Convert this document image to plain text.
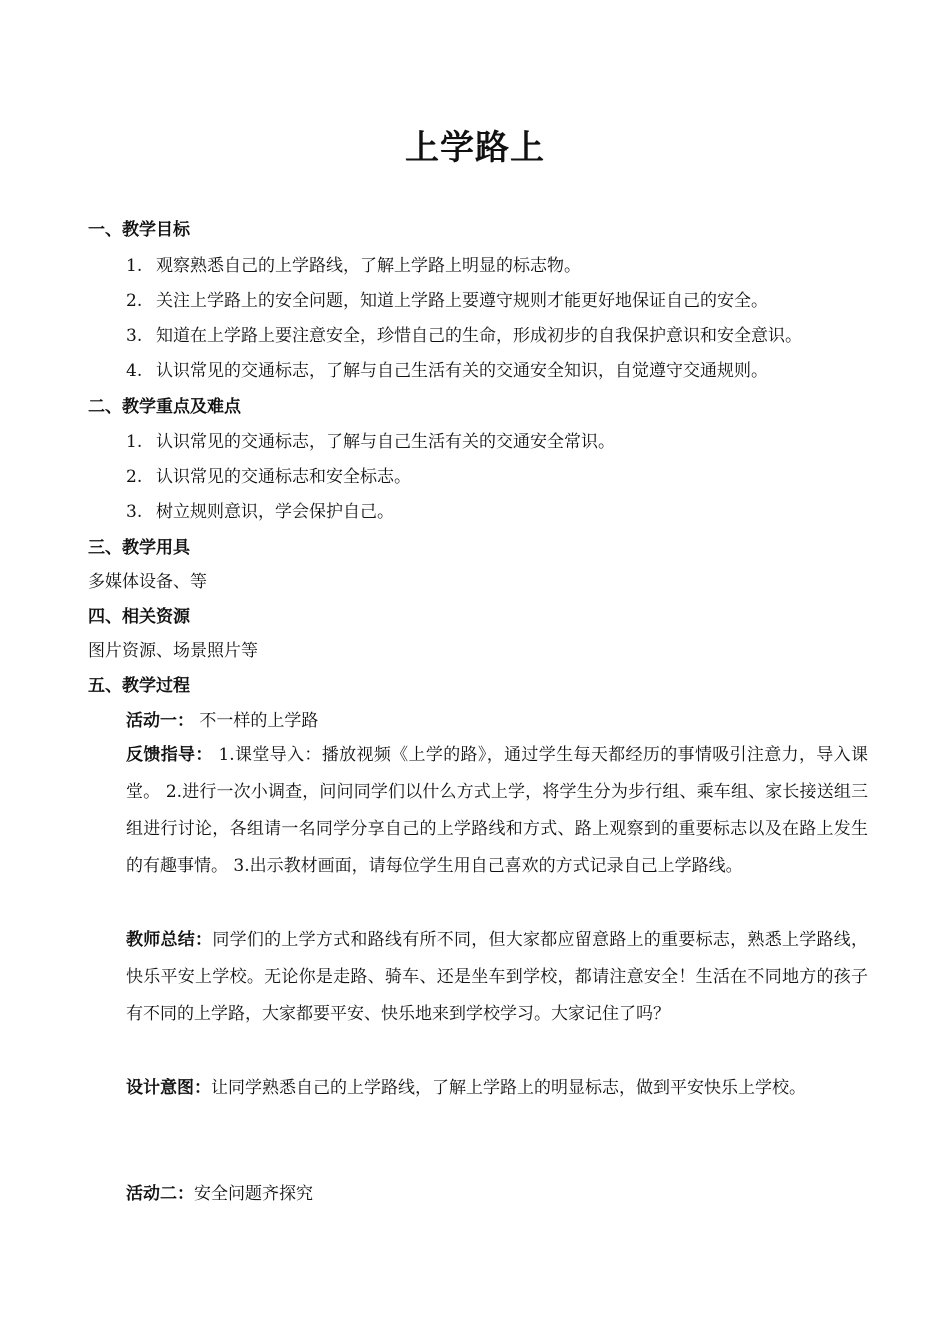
上学路上
一、教学目标
1. 观察熟悉自己的上学路线，了解上学路上明显的标志物。
2. 关注上学路上的安全问题，知道上学路上要遵守规则才能更好地保证自己的安全。
3. 知道在上学路上要注意安全，珍惜自己的生命，形成初步的自我保护意识和安全意识。
4. 认识常见的交通标志，了解与自己生活有关的交通安全知识，自觉遵守交通规则。
二、教学重点及难点
1. 认识常见的交通标志，了解与自己生活有关的交通安全常识。
2. 认识常见的交通标志和安全标志。
3. 树立规则意识，学会保护自己。
三、教学用具
多媒体设备、等
四、相关资源
图片资源、场景照片等
五、教学过程
活动一： 不一样的上学路
反馈指导： 1.课堂导入：播放视频《上学的路》，通过学生每天都经历的事情吸引注意力，导入课堂。 2.进行一次小调查，问问同学们以什么方式上学，将学生分为步行组、乘车组、家长接送组三组进行讨论，各组请一名同学分享自己的上学路线和方式、路上观察到的重要标志以及在路上发生的有趣事情。 3.出示教材画面，请每位学生用自己喜欢的方式记录自己上学路线。
教师总结：同学们的上学方式和路线有所不同，但大家都应留意路上的重要标志，熟悉上学路线，快乐平安上学校。无论你是走路、骑车、还是坐车到学校，都请注意安全！生活在不同地方的孩子有不同的上学路，大家都要平安、快乐地来到学校学习。大家记住了吗？
设计意图：让同学熟悉自己的上学路线，了解上学路上的明显标志，做到平安快乐上学校。
活动二：安全问题齐探究
